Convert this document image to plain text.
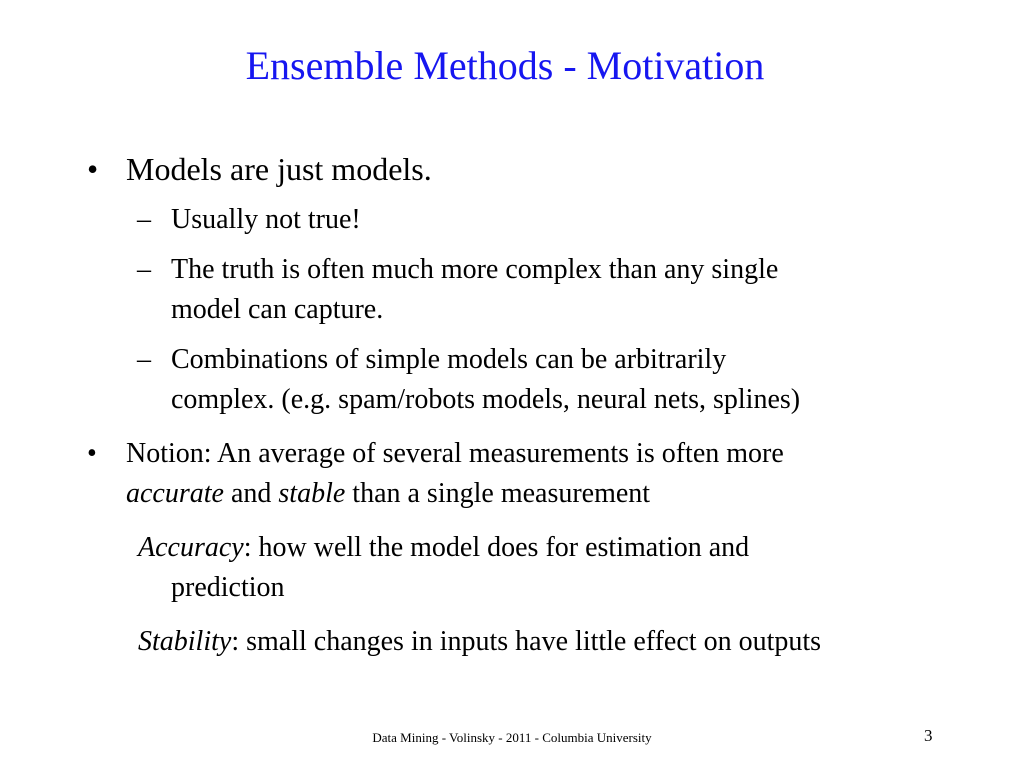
Ensemble Methods - Motivation
• Models are just models.
– Usually not true!
– The truth is often much more complex than any single
model can capture.
– Combinations of simple models can be arbitrarily
complex. (e.g. spam/robots models, neural nets, splines)
• Notion: An average of several measurements is often more
accurate and stable than a single measurement
Accuracy: how well the model does for estimation and
prediction
Stability: small changes in inputs have little effect on outputs
Data Mining - Volinsky - 2011 - Columbia University	3
